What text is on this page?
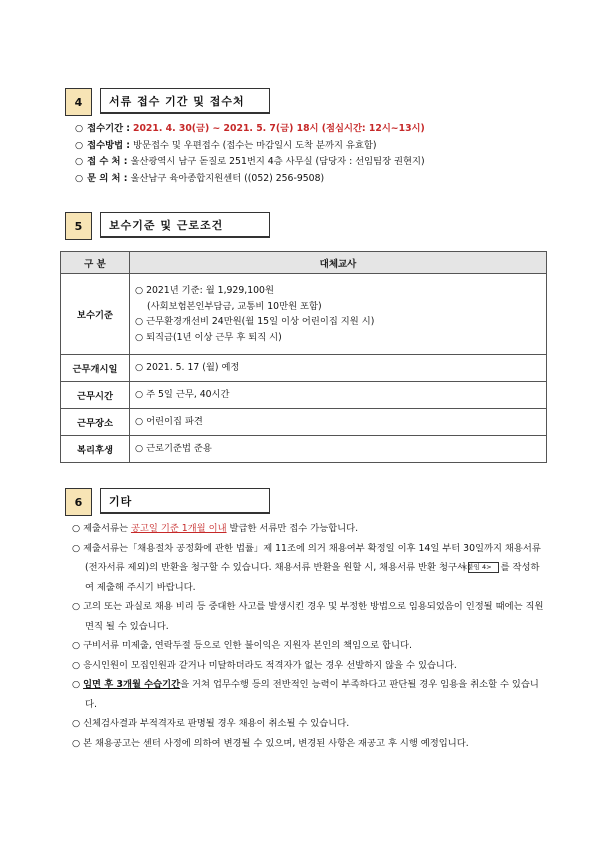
4	서류 접수 기간 및 접수처
○ 접수기간 : 2021. 4. 30(금) ~ 2021. 5. 7(금) 18시 (점심시간: 12시~13시)
○ 접수방법 : 방문접수 및 우편접수 (접수는 마감일시 도착 분까지 유효함)
○ 접 수 처 : 울산광역시 남구 돋질로 251번지 4층 사무실 (담당자 : 선임팀장 권현지)
○ 문 의 처 : 울산남구 육아종합지원센터 ((052) 256-9508)
5	보수기준 및 근로조건
구 분	대체교사
보수기준	○ 2021년 기준: 월 1,929,100원
(사회보험본인부담금, 교통비 10만원 포함)
○ 근무환경개선비 24만원(월 15일 이상 어린이집 지원 시)
○ 퇴직금(1년 이상 근무 후 퇴직 시)

근무개시일	○ 2021. 5. 17 (월) 예정
근무시간	○ 주 5일 근무, 40시간
근무장소	○ 어린이집 파견
복리후생	○ 근로기준법 준용
6	기타
○ 제출서류는 공고일 기준 1개월 이내 발급한 서류만 접수 가능합니다.
○ 제출서류는「채용절차 공정화에 관한 법률」제 11조에 의거 채용여부 확정일 이후 14일 부터 30일까지 채용서류(전자서류 제외)의 반환을 청구할 수 있습니다. 채용서류 반환을 원할 시, 채용서류 반환 청구서<붙임 4> 를 작성하여 제출해 주시기 바랍니다.
○ 고의 또는 과실로 채용 비리 등 중대한 사고를 발생시킨 경우 및 부정한 방법으로 임용되었음이 인정될 때에는 직원면직 될 수 있습니다.
○ 구비서류 미제출, 연락두절 등으로 인한 불이익은 지원자 본인의 책임으로 합니다.
○ 응시인원이 모집인원과 같거나 미달하더라도 적격자가 없는 경우 선발하지 않을 수 있습니다.
○ 임면 후 3개월 수습기간을 거쳐 업무수행 등의 전반적인 능력이 부족하다고 판단될 경우 임용을 취소할 수 있습니다.
○ 신체검사결과 부적격자로 판명될 경우 채용이 취소될 수 있습니다.
○ 본 채용공고는 센터 사정에 의하여 변경될 수 있으며, 변경된 사항은 재공고 후 시행 예정입니다.
